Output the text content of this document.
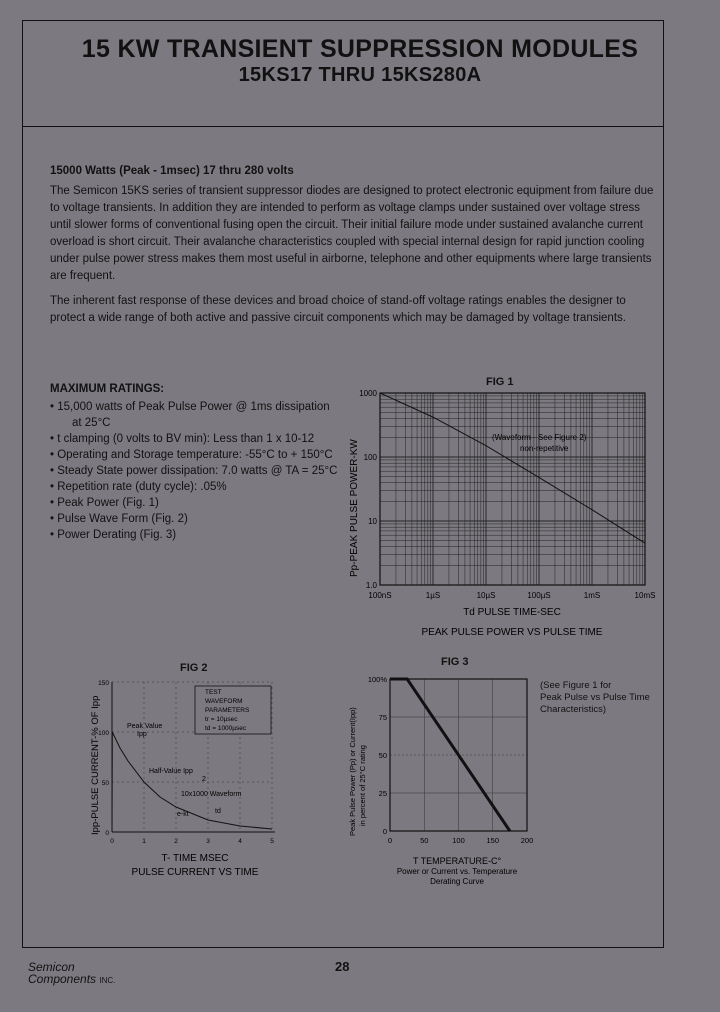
15 KW TRANSIENT SUPPRESSION MODULES
15KS17 THRU 15KS280A
15000 Watts (Peak - 1msec) 17 thru 280 volts
The Semicon 15KS series of transient suppressor diodes are designed to protect electronic equipment from failure due to voltage transients. In addition they are intended to perform as voltage clamps under sustained over voltage stress until slower forms of conventional fusing open the circuit. Their initial failure mode under sustained avalanche current overload is short circuit. Their avalanche characteristics coupled with special internal design for rapid junction cooling under pulse power stress makes them most useful in airborne, telephone and other equipments where large transients are frequent.
The inherent fast response of these devices and broad choice of stand-off voltage ratings enables the designer to protect a wide range of both active and passive circuit components which may be damaged by voltage transients.
MAXIMUM RATINGS:
• 15,000 watts of Peak Pulse Power @ 1ms dissipation
at 25°C
• t clamping (0 volts to BV min): Less than 1 x 10-12
• Operating and Storage temperature: -55°C to + 150°C
• Steady State power dissipation: 7.0 watts @ TA = 25°C
• Repetition rate (duty cycle): .05%
• Peak Power (Fig. 1)
• Pulse Wave Form (Fig. 2)
• Power Derating (Fig. 3)
FIG 1
1000
100
10
1.0
100nS	1µS	10µS	100µS	1mS	10mS
Pp-PEAK PULSE POWER-KW
(Waveform - See Figure 2)
non-repetitive
Td PULSE TIME-SEC
PEAK PULSE POWER VS PULSE TIME
FIG 2
TEST
WAVEFORM
PARAMETERS
tr = 10µsec
td = 1000µsec
150
100
50
0
0	1	2	3	4	5
Ipp-PULSE CURRENT-% OF Ipp	Peak Value
Ipp
Half-Value Ipp
2
10x1000 Waveform
e-kt	td
T- TIME MSEC
PULSE CURRENT VS TIME
FIG 3
100%
75
50
25
0
0	50	100	150	200
Peak Pulse Power (Pp) or Current(Ipp) in percent of 25°C rating
T TEMPERATURE-C°
Power or Current vs. Temperature
Derating Curve
(See Figure 1 for
Peak Pulse vs Pulse Time
Characteristics)
Semicon
Components INC.
28
